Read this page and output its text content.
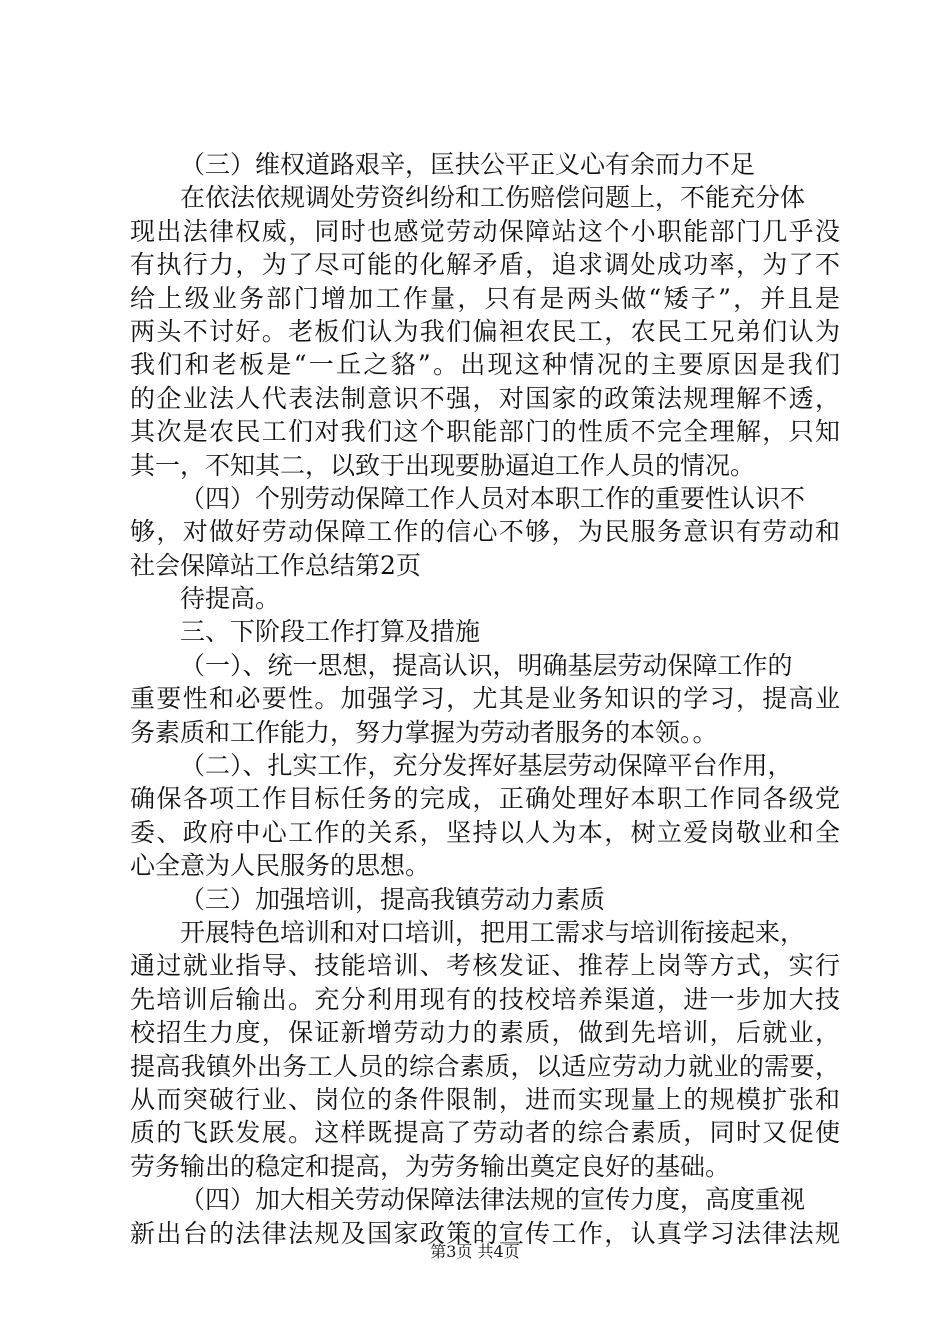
（三）维权道路艰辛，匡扶公平正义心有余而力不足
在依法依规调处劳资纠纷和工伤赔偿问题上，不能充分体
现出法律权威，同时也感觉劳动保障站这个小职能部门几乎没
有执行力，为了尽可能的化解矛盾，追求调处成功率，为了不
给上级业务部门增加工作量，只有是两头做“矮子”，并且是
两头不讨好。老板们认为我们偏袒农民工，农民工兄弟们认为
我们和老板是“一丘之貉”。出现这种情况的主要原因是我们
的企业法人代表法制意识不强，对国家的政策法规理解不透，
其次是农民工们对我们这个职能部门的性质不完全理解，只知
其一，不知其二，以致于出现要胁逼迫工作人员的情况。
（四）个别劳动保障工作人员对本职工作的重要性认识不
够，对做好劳动保障工作的信心不够，为民服务意识有劳动和
社会保障站工作总结第2页
待提高。
三、下阶段工作打算及措施
（一）、统一思想，提高认识，明确基层劳动保障工作的
重要性和必要性。加强学习，尤其是业务知识的学习，提高业
务素质和工作能力，努力掌握为劳动者服务的本领。。
（二）、扎实工作，充分发挥好基层劳动保障平台作用，
确保各项工作目标任务的完成，正确处理好本职工作同各级党
委、政府中心工作的关系，坚持以人为本，树立爱岗敬业和全
心全意为人民服务的思想。
（三）加强培训，提高我镇劳动力素质
开展特色培训和对口培训，把用工需求与培训衔接起来，
通过就业指导、技能培训、考核发证、推荐上岗等方式，实行
先培训后输出。充分利用现有的技校培养渠道，进一步加大技
校招生力度，保证新增劳动力的素质，做到先培训，后就业，
提高我镇外出务工人员的综合素质，以适应劳动力就业的需要，
从而突破行业、岗位的条件限制，进而实现量上的规模扩张和
质的飞跃发展。这样既提高了劳动者的综合素质，同时又促使
劳务输出的稳定和提高，为劳务输出奠定良好的基础。
（四）加大相关劳动保障法律法规的宣传力度，高度重视
新出台的法律法规及国家政策的宣传工作，认真学习法律法规
第3页 共4页
